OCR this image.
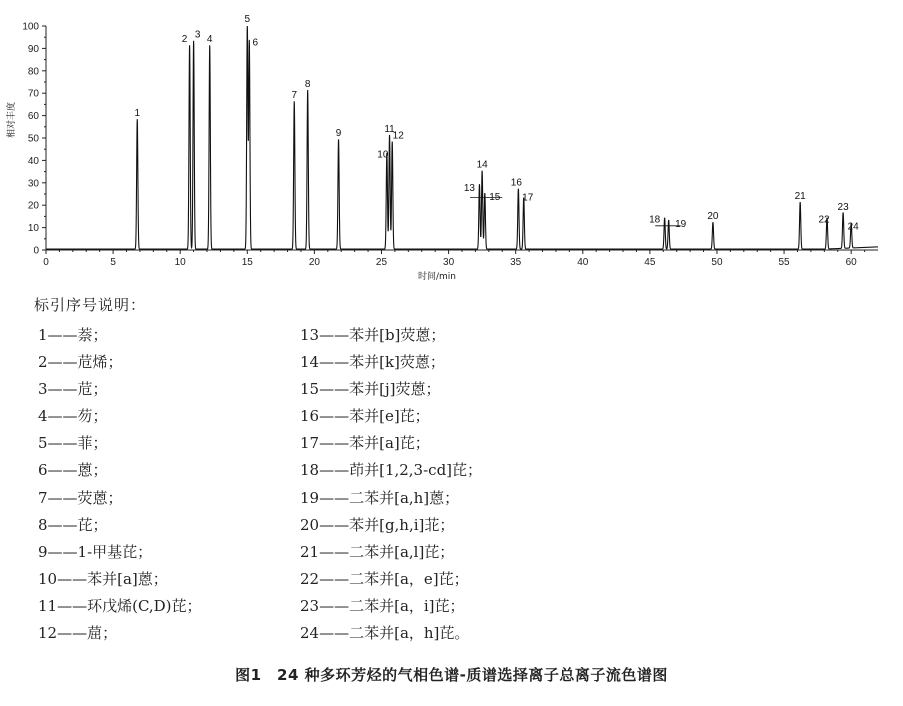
0	5	10	15	20	25	30	35	40	45	50	55	60
0
10
20
30
40
50
60
70
80
90
100
1
2 3 4
5
6
7
8
9
10
11
12
13
14
15
16
17
18 19
20
21
22
23
24
时间/min
相对丰度
标引序号说明：
1——萘；
2——苊烯；
3——苊；
4——芴；
5——菲；
6——蒽；
7——荧蒽；
8——芘；
9——1-甲基芘；
10——苯并[a]蒽；
11——环戊烯(C,D)芘；
12——䓛；
13——苯并[b]荧蒽；
14——苯并[k]荧蒽；
15——苯并[j]荧蒽；
16——苯并[e]芘；
17——苯并[a]芘；
18——茚并[1,2,3-cd]芘；
19——二苯并[a,h]蒽；
20——苯并[g,h,i]苝；
21——二苯并[a,l]芘；
22——二苯并[a，e]芘；
23——二苯并[a，i]芘；
24——二苯并[a，h]芘。
图1　24 种多环芳烃的气相色谱-质谱选择离子总离子流色谱图
